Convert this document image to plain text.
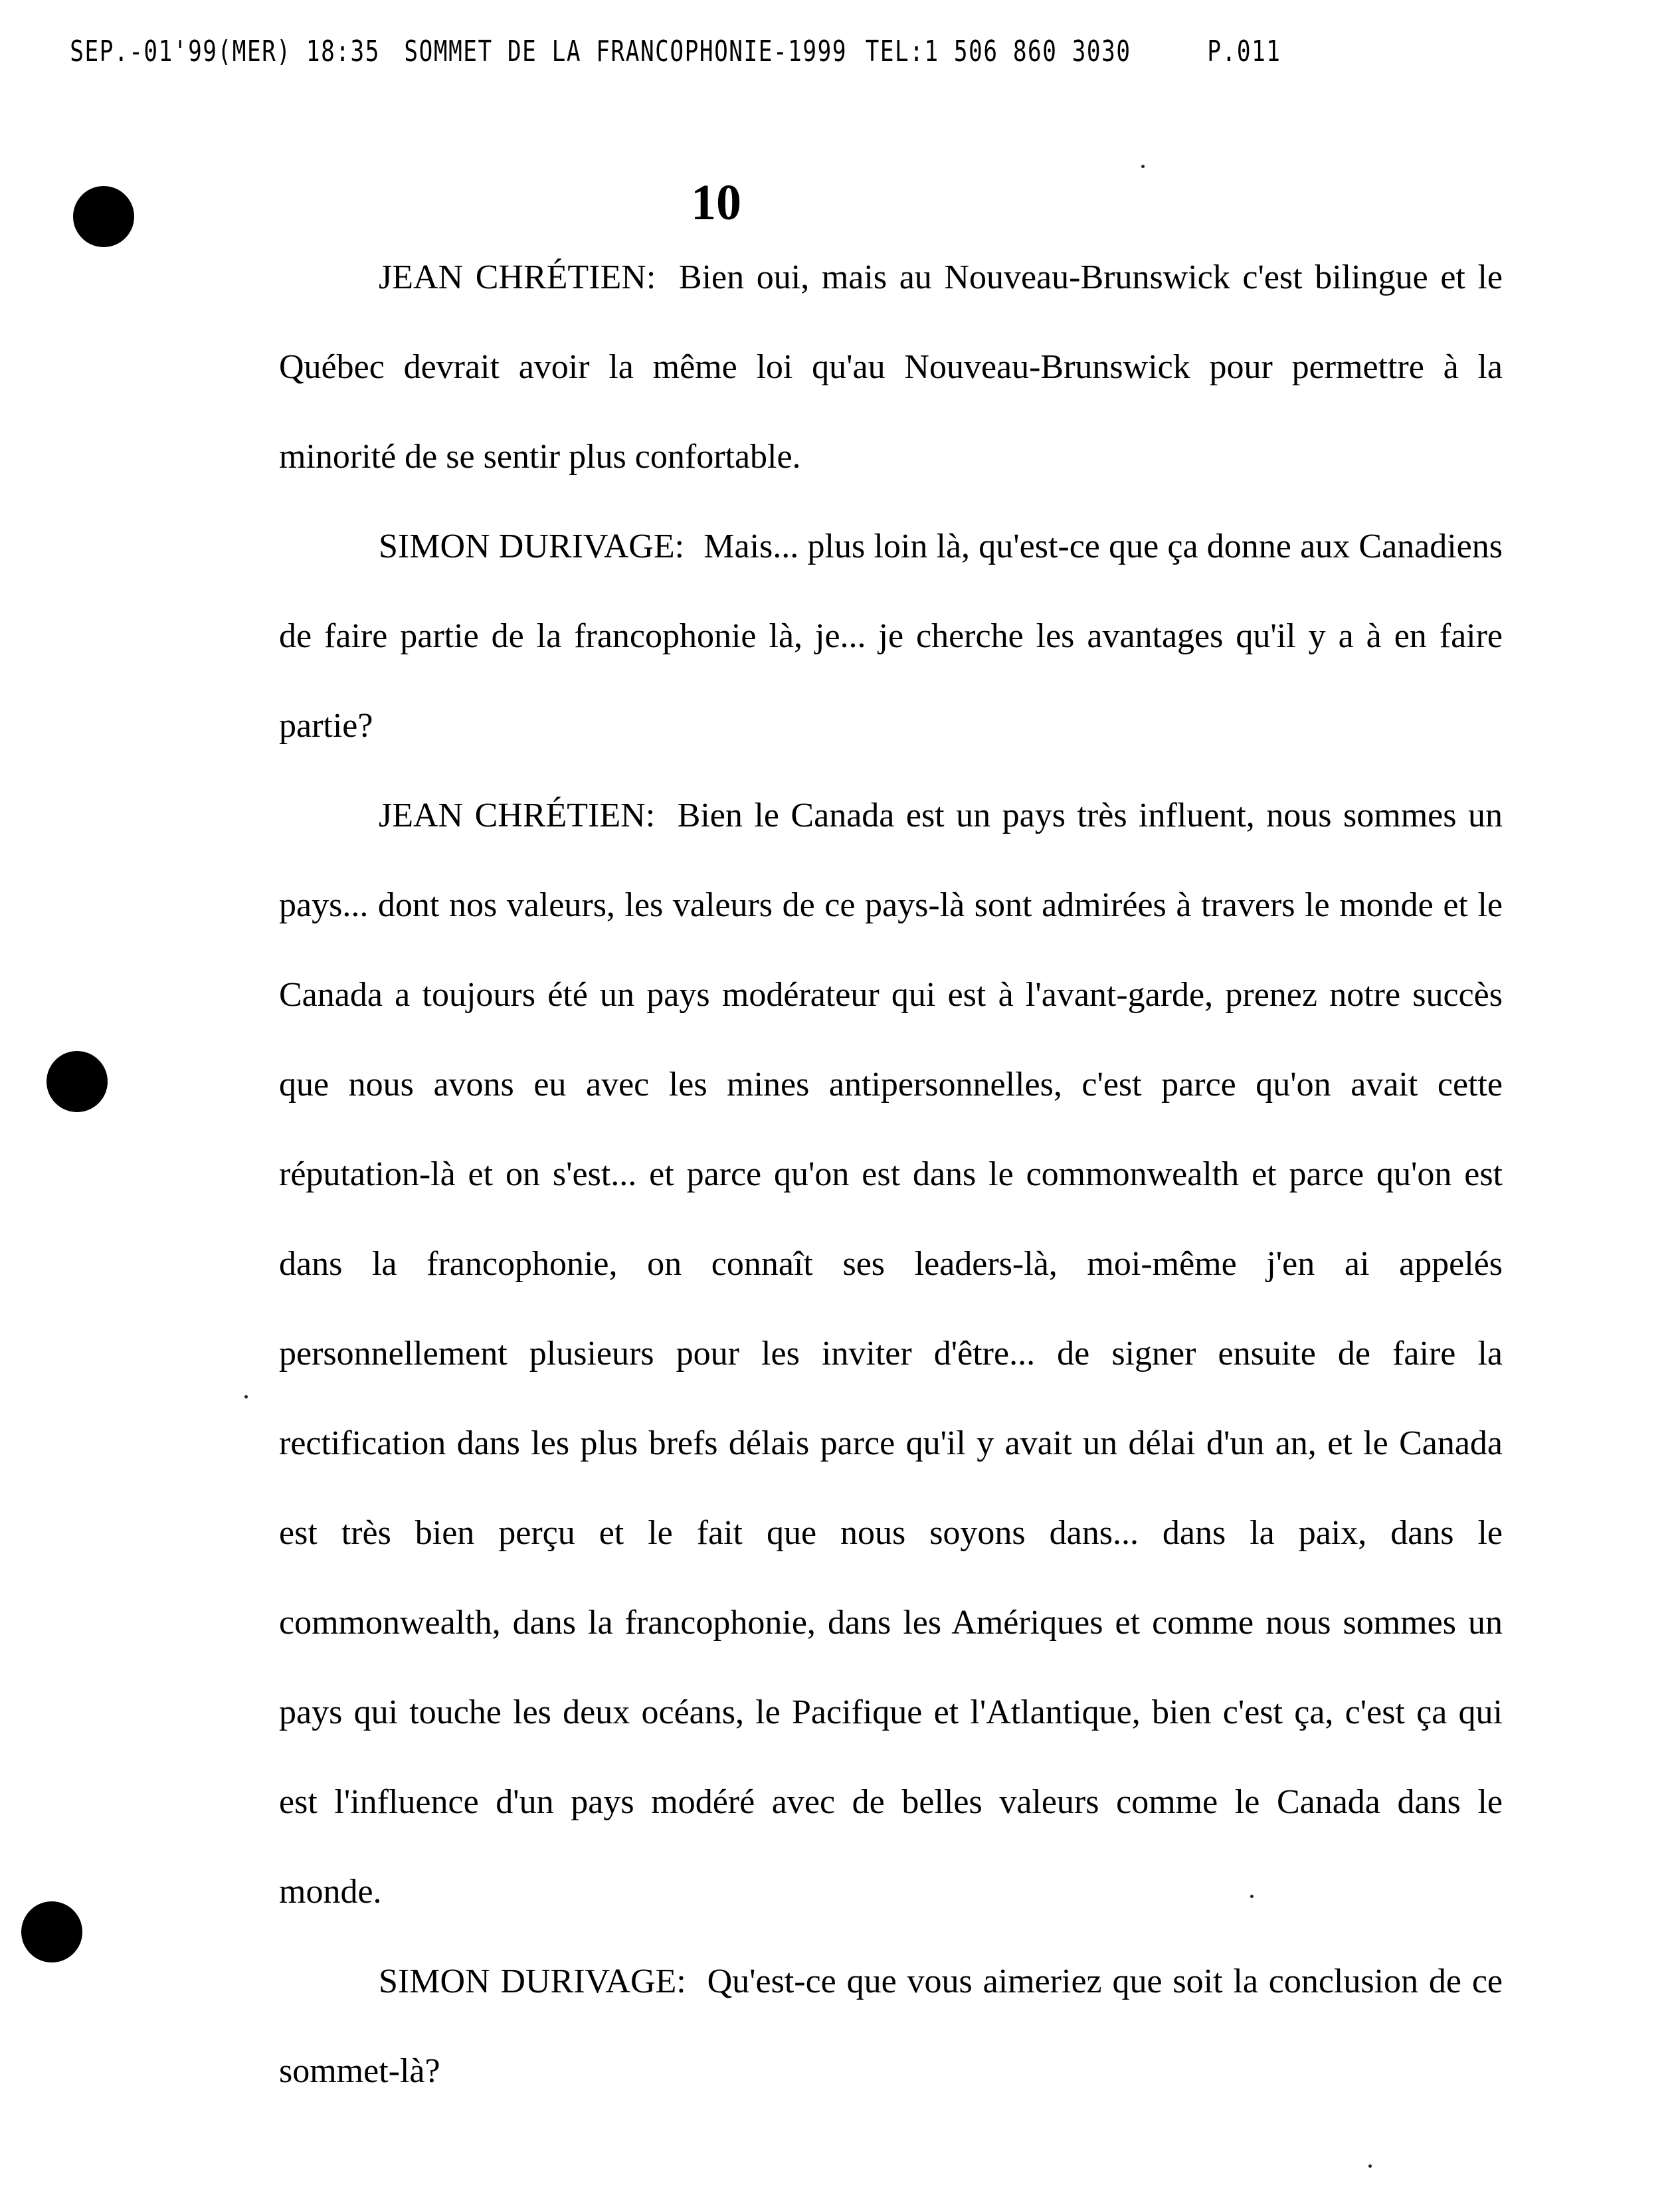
SEP.-01'99(MER) 18:35 SOMMET DE LA FRANCOPHONIE-1999 TEL:1 506 860 3030	P.011
10

JEAN CHRÉTIEN: Bien oui, mais au Nouveau-Brunswick c'est bilingue et le Québec devrait avoir la même loi qu'au Nouveau-Brunswick pour permettre à la minorité de se sentir plus confortable.

SIMON DURIVAGE: Mais... plus loin là, qu'est-ce que ça donne aux Canadiens de faire partie de la francophonie là, je... je cherche les avantages qu'il y a à en faire partie?

JEAN CHRÉTIEN: Bien le Canada est un pays très influent, nous sommes un pays... dont nos valeurs, les valeurs de ce pays-là sont admirées à travers le monde et le Canada a toujours été un pays modérateur qui est à l'avant-garde, prenez notre succès que nous avons eu avec les mines antipersonnelles, c'est parce qu'on avait cette réputation-là et on s'est... et parce qu'on est dans le commonwealth et parce qu'on est dans la francophonie, on connaît ses leaders-là, moi-même j'en ai appelés personnellement plusieurs pour les inviter d'être... de signer ensuite de faire la rectification dans les plus brefs délais parce qu'il y avait un délai d'un an, et le Canada est très bien perçu et le fait que nous soyons dans... dans la paix, dans le commonwealth, dans la francophonie, dans les Amériques et comme nous sommes un pays qui touche les deux océans, le Pacifique et l'Atlantique, bien c'est ça, c'est ça qui est l'influence d'un pays modéré avec de belles valeurs comme le Canada dans le monde.

SIMON DURIVAGE: Qu'est-ce que vous aimeriez que soit la conclusion de ce sommet-là?
